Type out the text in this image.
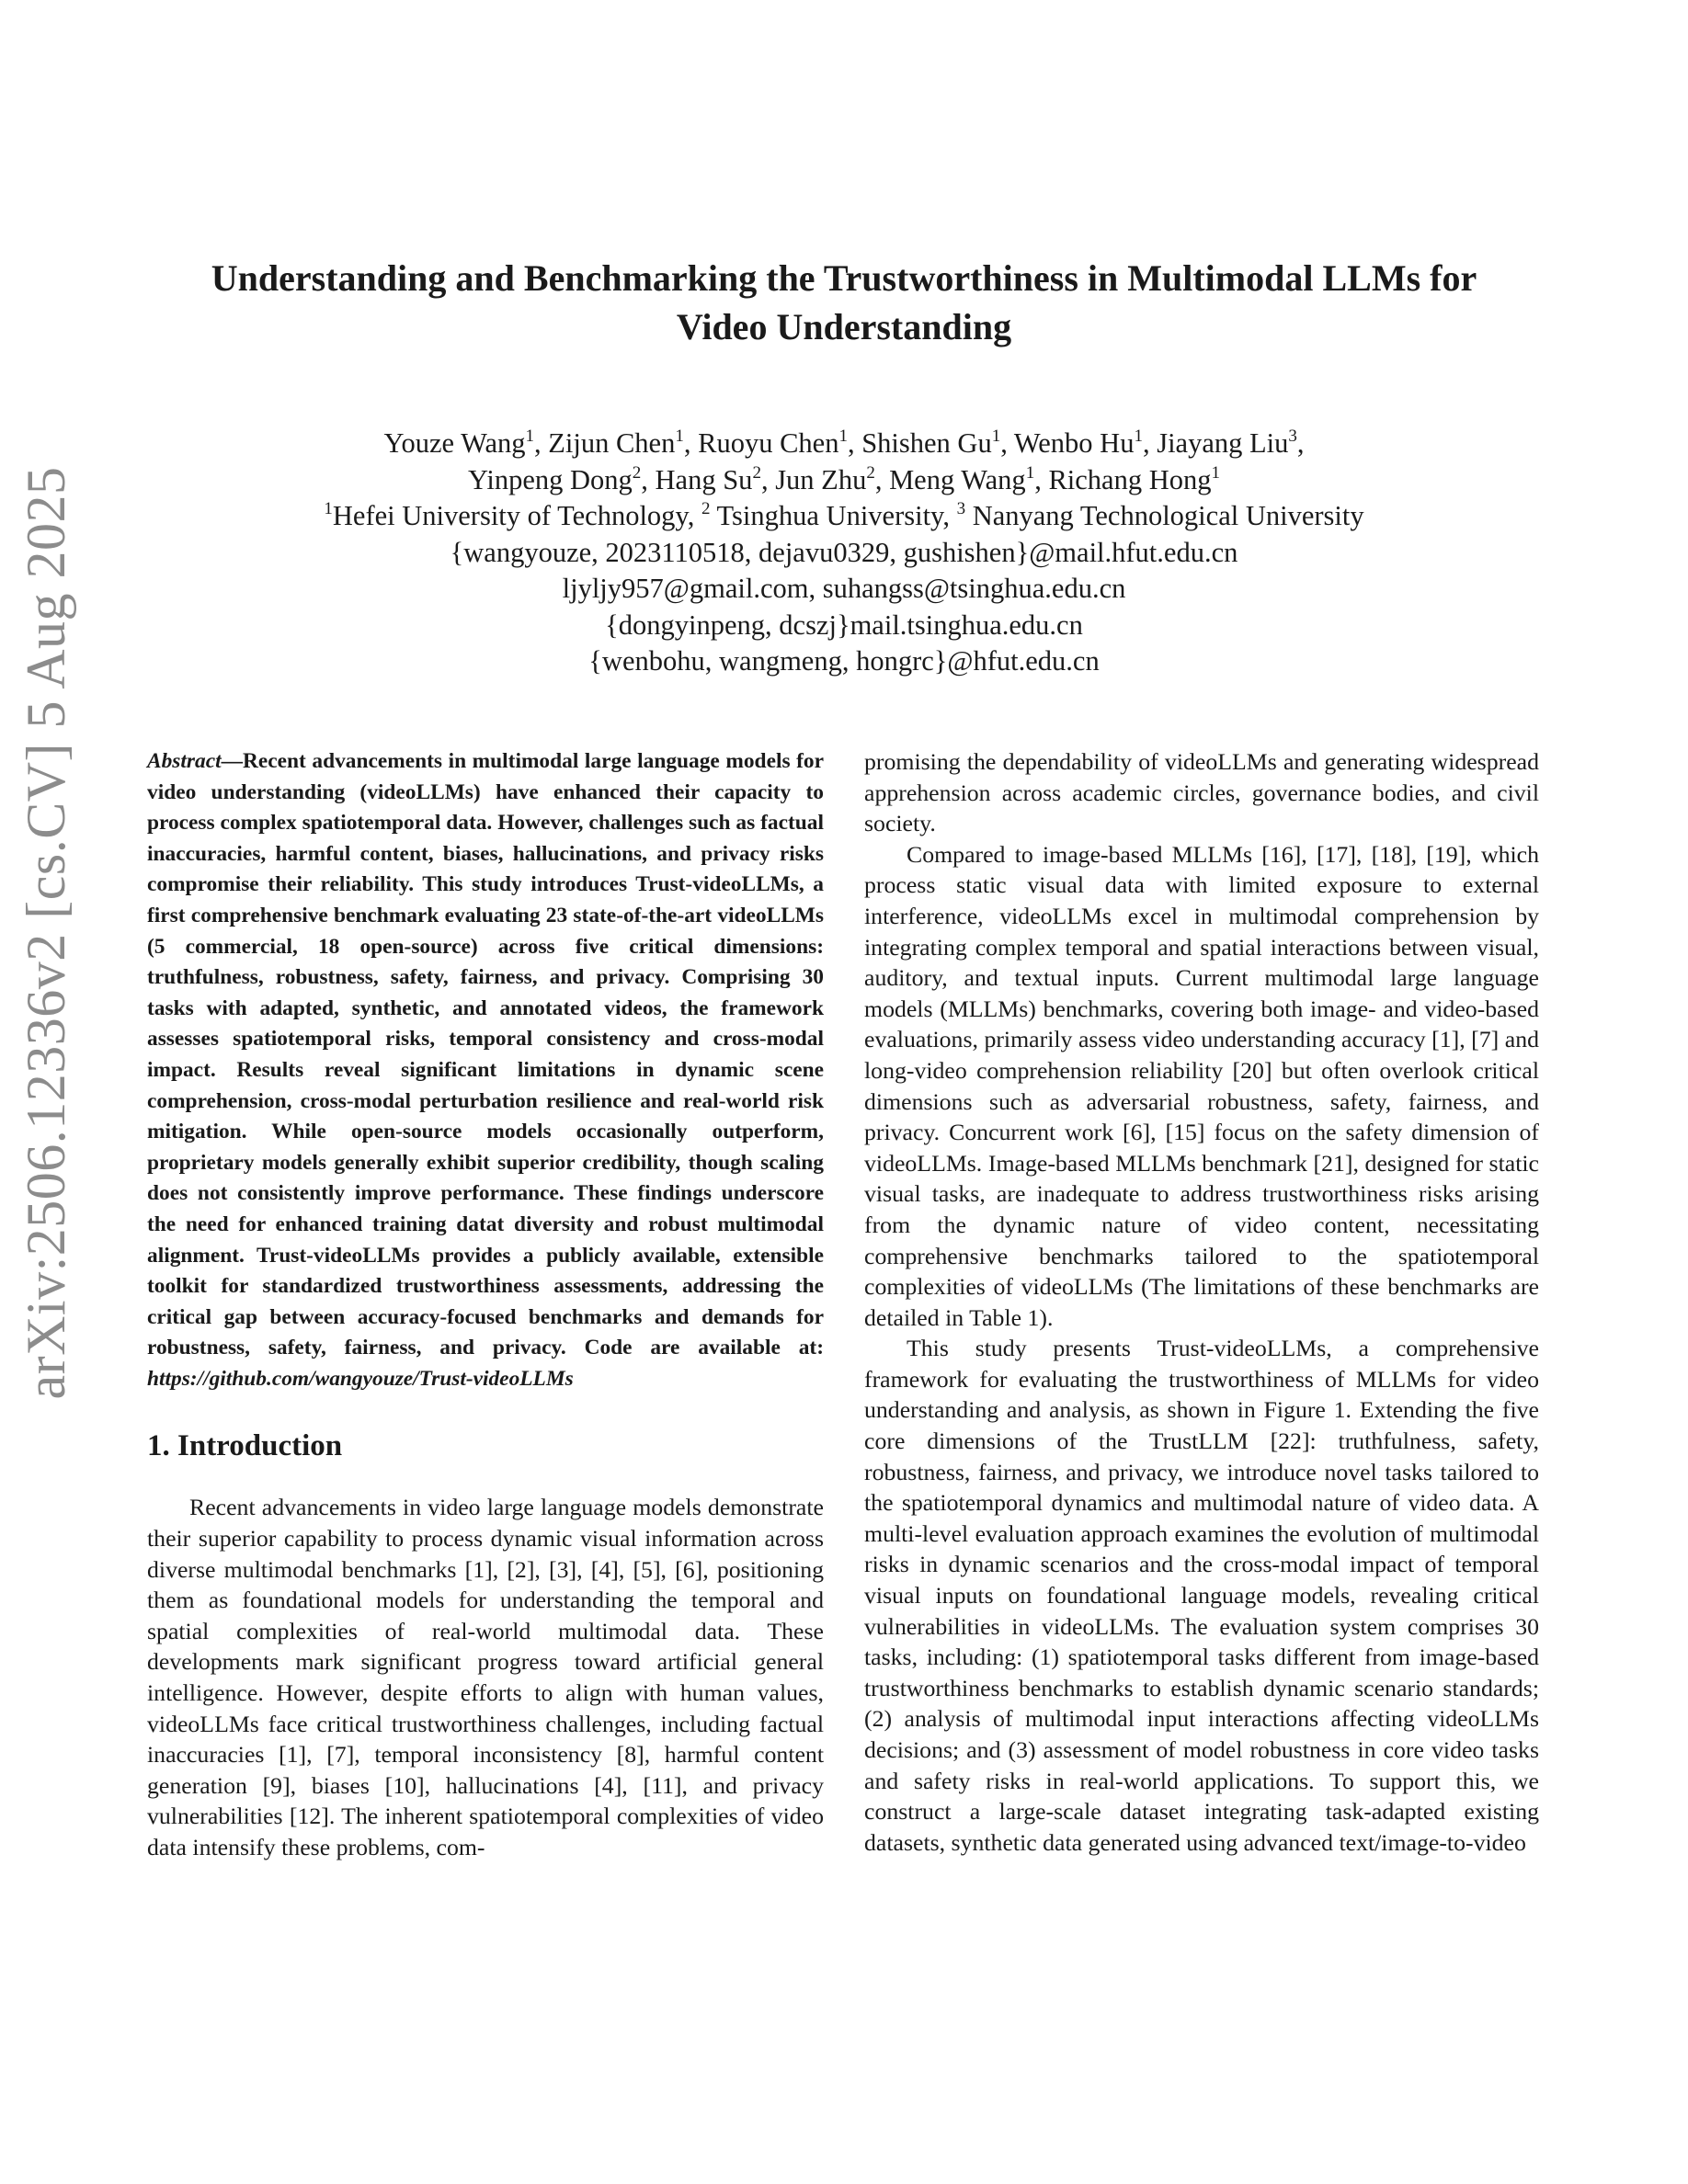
arXiv:2506.12336v2 [cs.CV] 5 Aug 2025
Understanding and Benchmarking the Trustworthiness in Multimodal LLMs for
Video Understanding
Youze Wang$^1$, Zijun Chen$^1$, Ruoyu Chen$^1$, Shishen Gu$^1$, Wenbo Hu$^1$, Jiayang Liu$^3$,
Yinpeng Dong$^2$, Hang Su$^2$, Jun Zhu$^2$, Meng Wang$^1$, Richang Hong$^1$
$^1$Hefei University of Technology, $^2$ Tsinghua University, $^3$ Nanyang Technological University
{wangyouze, 2023110518, dejavu0329, gushishen}@mail.hfut.edu.cn
ljyljy957@gmail.com, suhangss@tsinghua.edu.cn
{dongyinpeng, dcszj}mail.tsinghua.edu.cn
{wenbohu, wangmeng, hongrc}@hfut.edu.cn

Abstract—Recent advancements in multimodal large language models for video understanding (videoLLMs) have enhanced their capacity to process complex spatiotemporal data. However, challenges such as factual inaccuracies, harmful content, biases, hallucinations, and privacy risks compromise their reliability. This study introduces Trust-videoLLMs, a first comprehensive benchmark evaluating 23 state-of-the-art videoLLMs (5 commercial, 18 open-source) across five critical dimensions: truthfulness, robustness, safety, fairness, and privacy. Comprising 30 tasks with adapted, synthetic, and annotated videos, the framework assesses spatiotemporal risks, temporal consistency and cross-modal impact. Results reveal significant limitations in dynamic scene comprehension, cross-modal perturbation resilience and real-world risk mitigation. While open-source models occasionally outperform, proprietary models generally exhibit superior credibility, though scaling does not consistently improve performance. These findings underscore the need for enhanced training datat diversity and robust multimodal alignment. Trust-videoLLMs provides a publicly available, extensible toolkit for standardized trustworthiness assessments, addressing the critical gap between accuracy-focused benchmarks and demands for robustness, safety, fairness, and privacy. Code are available at: https://github.com/wangyouze/Trust-videoLLMs

1. Introduction

Recent advancements in video large language models demonstrate their superior capability to process dynamic visual information across diverse multimodal benchmarks [1], [2], [3], [4], [5], [6], positioning them as foundational models for understanding the temporal and spatial complexities of real-world multimodal data. These developments mark significant progress toward artificial general intelligence. However, despite efforts to align with human values, videoLLMs face critical trustworthiness challenges, including factual inaccuracies [1], [7], temporal inconsistency [8], harmful content generation [9], biases [10], hallucinations [4], [11], and privacy vulnerabilities [12]. The inherent spatiotemporal complexities of video data intensify these problems, com-

promising the dependability of videoLLMs and generating widespread apprehension across academic circles, governance bodies, and civil society.

Compared to image-based MLLMs [16], [17], [18], [19], which process static visual data with limited exposure to external interference, videoLLMs excel in multimodal comprehension by integrating complex temporal and spatial interactions between visual, auditory, and textual inputs. Current multimodal large language models (MLLMs) benchmarks, covering both image- and video-based evaluations, primarily assess video understanding accuracy [1], [7] and long-video comprehension reliability [20] but often overlook critical dimensions such as adversarial robustness, safety, fairness, and privacy. Concurrent work [6], [15] focus on the safety dimension of videoLLMs. Image-based MLLMs benchmark [21], designed for static visual tasks, are inadequate to address trustworthiness risks arising from the dynamic nature of video content, necessitating comprehensive benchmarks tailored to the spatiotemporal complexities of videoLLMs (The limitations of these benchmarks are detailed in Table 1).

This study presents Trust-videoLLMs, a comprehensive framework for evaluating the trustworthiness of MLLMs for video understanding and analysis, as shown in Figure 1. Extending the five core dimensions of the TrustLLM [22]: truthfulness, safety, robustness, fairness, and privacy, we introduce novel tasks tailored to the spatiotemporal dynamics and multimodal nature of video data. A multi-level evaluation approach examines the evolution of multimodal risks in dynamic scenarios and the cross-modal impact of temporal visual inputs on foundational language models, revealing critical vulnerabilities in videoLLMs. The evaluation system comprises 30 tasks, including: (1) spatiotemporal tasks different from image-based trustworthiness benchmarks to establish dynamic scenario standards; (2) analysis of multimodal input interactions affecting videoLLMs decisions; and (3) assessment of model robustness in core video tasks and safety risks in real-world applications. To support this, we construct a large-scale dataset integrating task-adapted existing datasets, synthetic data generated using advanced text/image-to-video
